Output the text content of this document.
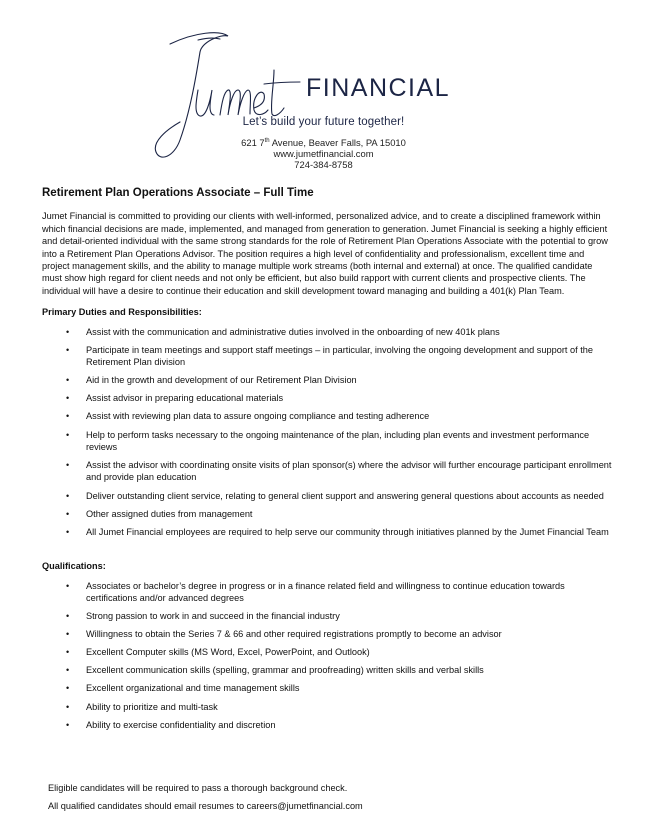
FINANCIAL
Let’s build your future together!
621 7th Avenue, Beaver Falls, PA 15010
www.jumetfinancial.com
724-384-8758
Retirement Plan Operations Associate – Full Time

Jumet Financial is committed to providing our clients with well-informed, personalized advice, and to create a disciplined framework within which financial decisions are made, implemented, and managed from generation to generation. Jumet Financial is seeking a highly efficient and detail-oriented individual with the same strong standards for the role of Retirement Plan Operations Associate with the potential to grow into a Retirement Plan Operations Advisor. The position requires a high level of confidentiality and professionalism, excellent time and project management skills, and the ability to manage multiple work streams (both internal and external) at once. The qualified candidate must show high regard for client needs and not only be efficient, but also build rapport with current clients and prospective clients. The individual will have a desire to continue their education and skill development toward managing and building a 401(k) Plan Team.

Primary Duties and Responsibilities:
• Assist with the communication and administrative duties involved in the onboarding of new 401k plans
• Participate in team meetings and support staff meetings – in particular, involving the ongoing development and support of the Retirement Plan division
• Aid in the growth and development of our Retirement Plan Division
• Assist advisor in preparing educational materials
• Assist with reviewing plan data to assure ongoing compliance and testing adherence
• Help to perform tasks necessary to the ongoing maintenance of the plan, including plan events and investment performance reviews
• Assist the advisor with coordinating onsite visits of plan sponsor(s) where the advisor will further encourage participant enrollment and provide plan education
• Deliver outstanding client service, relating to general client support and answering general questions about accounts as needed
• Other assigned duties from management
• All Jumet Financial employees are required to help serve our community through initiatives planned by the Jumet Financial Team
Qualifications:
• Associates or bachelor’s degree in progress or in a finance related field and willingness to continue education towards certifications and/or advanced degrees
• Strong passion to work in and succeed in the financial industry
• Willingness to obtain the Series 7 & 66 and other required registrations promptly to become an advisor
• Excellent Computer skills (MS Word, Excel, PowerPoint, and Outlook)
• Excellent communication skills (spelling, grammar and proofreading) written skills and verbal skills
• Excellent organizational and time management skills
• Ability to prioritize and multi-task
• Ability to exercise confidentiality and discretion
Eligible candidates will be required to pass a thorough background check.
All qualified candidates should email resumes to careers@jumetfinancial.com
